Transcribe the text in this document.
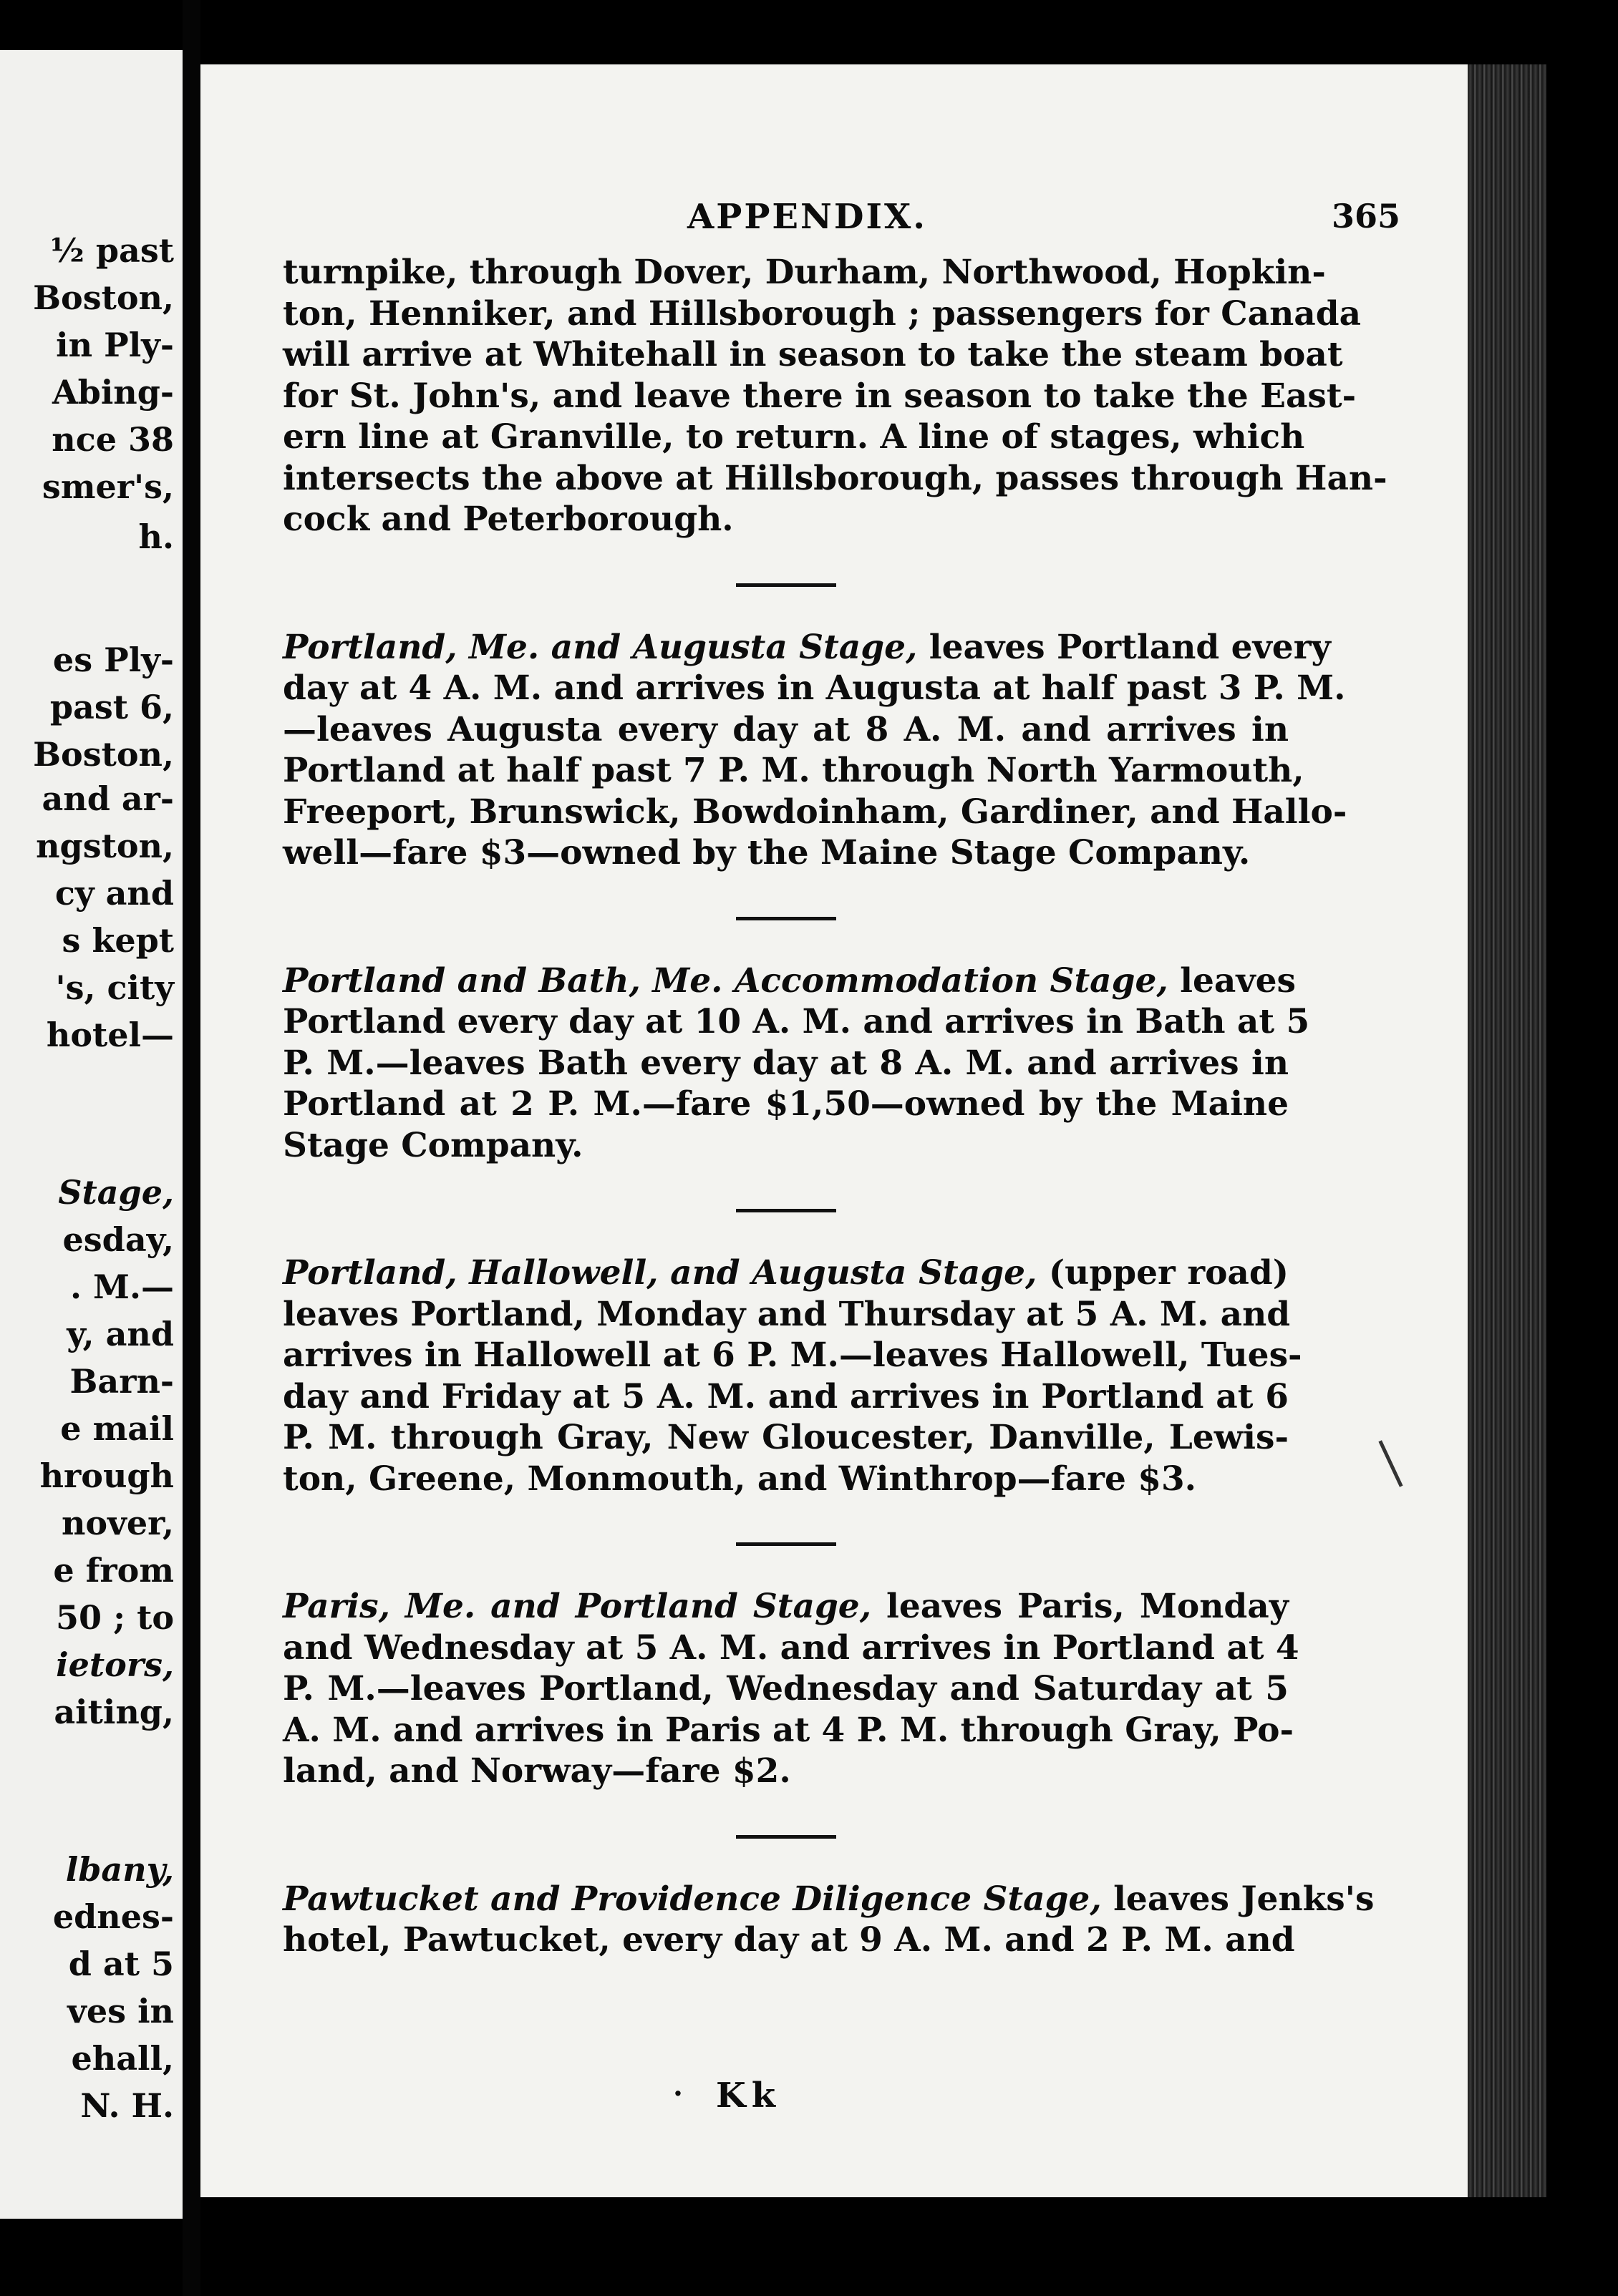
½ past
Boston,
in Ply-
Abing-
nce 38
smer's,
h.
es Ply-
past 6,
Boston,
and ar-
ngston,
cy and
s kept
's, city
hotel—
Stage,
esday,
. M.—
y, and
Barn-
e mail
hrough
nover,
e from
50 ; to
ietors,
aiting,
lbany,
ednes-
d at 5
ves in
ehall,
N. H.
APPENDIX.	365
turnpike, through Dover, Durham, Northwood, Hopkin-
ton, Henniker, and Hillsborough ; passengers for Canada
will arrive at Whitehall in season to take the steam boat
for St. John's, and leave there in season to take the East-
ern line at Granville, to return. A line of stages, which
intersects the above at Hillsborough, passes through Han-
cock and Peterborough.
Portland, Me. and Augusta Stage, leaves Portland every
day at 4 A. M. and arrives in Augusta at half past 3 P. M.
—leaves Augusta every day at 8 A. M. and arrives in
Portland at half past 7 P. M. through North Yarmouth,
Freeport, Brunswick, Bowdoinham, Gardiner, and Hallo-
well—fare $3—owned by the Maine Stage Company.
Portland and Bath, Me. Accommodation Stage, leaves
Portland every day at 10 A. M. and arrives in Bath at 5
P. M.—leaves Bath every day at 8 A. M. and arrives in
Portland at 2 P. M.—fare $1,50—owned by the Maine
Stage Company.
Portland, Hallowell, and Augusta Stage, (upper road)
leaves Portland, Monday and Thursday at 5 A. M. and
arrives in Hallowell at 6 P. M.—leaves Hallowell, Tues-
day and Friday at 5 A. M. and arrives in Portland at 6
P. M. through Gray, New Gloucester, Danville, Lewis-
ton, Greene, Monmouth, and Winthrop—fare $3.
Paris, Me. and Portland Stage, leaves Paris, Monday
and Wednesday at 5 A. M. and arrives in Portland at 4
P. M.—leaves Portland, Wednesday and Saturday at 5
A. M. and arrives in Paris at 4 P. M. through Gray, Po-
land, and Norway—fare $2.
Pawtucket and Providence Diligence Stage, leaves Jenks's
hotel, Pawtucket, every day at 9 A. M. and 2 P. M. and
· Kk
